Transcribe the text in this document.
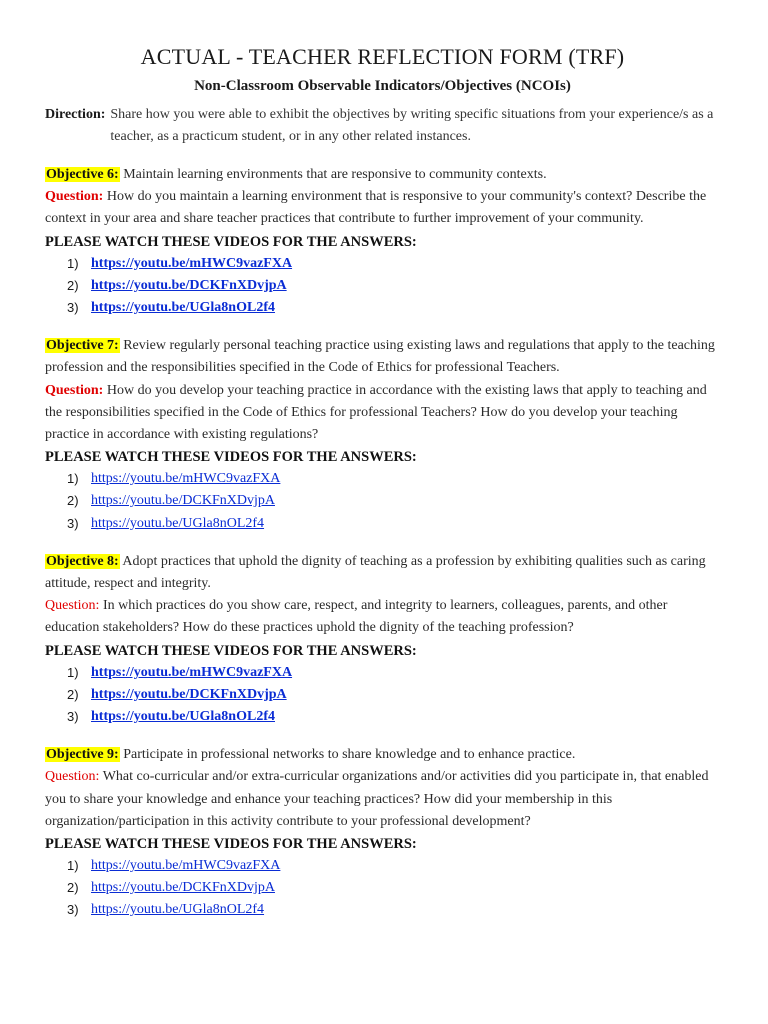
ACTUAL - TEACHER REFLECTION FORM (TRF)
Non-Classroom Observable Indicators/Objectives (NCOIs)
Direction: Share how you were able to exhibit the objectives by writing specific situations from your experience/s as a teacher, as a practicum student, or in any other related instances.

Objective 6: Maintain learning environments that are responsive to community contexts.

Question: How do you maintain a learning environment that is responsive to your community's context? Describe the context in your area and share teacher practices that contribute to further improvement of your community.

PLEASE WATCH THESE VIDEOS FOR THE ANSWERS:

1) https://youtu.be/mHWC9vazFXA
2) https://youtu.be/DCKFnXDvjpA
3) https://youtu.be/UGla8nOL2f4

Objective 7: Review regularly personal teaching practice using existing laws and regulations that apply to the teaching profession and the responsibilities specified in the Code of Ethics for professional Teachers.

Question: How do you develop your teaching practice in accordance with the existing laws that apply to teaching and the responsibilities specified in the Code of Ethics for professional Teachers? How do you develop your teaching practice in accordance with existing regulations?

PLEASE WATCH THESE VIDEOS FOR THE ANSWERS:

1) https://youtu.be/mHWC9vazFXA
2) https://youtu.be/DCKFnXDvjpA
3) https://youtu.be/UGla8nOL2f4

Objective 8: Adopt practices that uphold the dignity of teaching as a profession by exhibiting qualities such as caring attitude, respect and integrity.

Question: In which practices do you show care, respect, and integrity to learners, colleagues, parents, and other education stakeholders? How do these practices uphold the dignity of the teaching profession?

PLEASE WATCH THESE VIDEOS FOR THE ANSWERS:

1) https://youtu.be/mHWC9vazFXA
2) https://youtu.be/DCKFnXDvjpA
3) https://youtu.be/UGla8nOL2f4

Objective 9: Participate in professional networks to share knowledge and to enhance practice.

Question: What co-curricular and/or extra-curricular organizations and/or activities did you participate in, that enabled you to share your knowledge and enhance your teaching practices? How did your membership in this organization/participation in this activity contribute to your professional development?

PLEASE WATCH THESE VIDEOS FOR THE ANSWERS:

1) https://youtu.be/mHWC9vazFXA
2) https://youtu.be/DCKFnXDvjpA
3) https://youtu.be/UGla8nOL2f4
